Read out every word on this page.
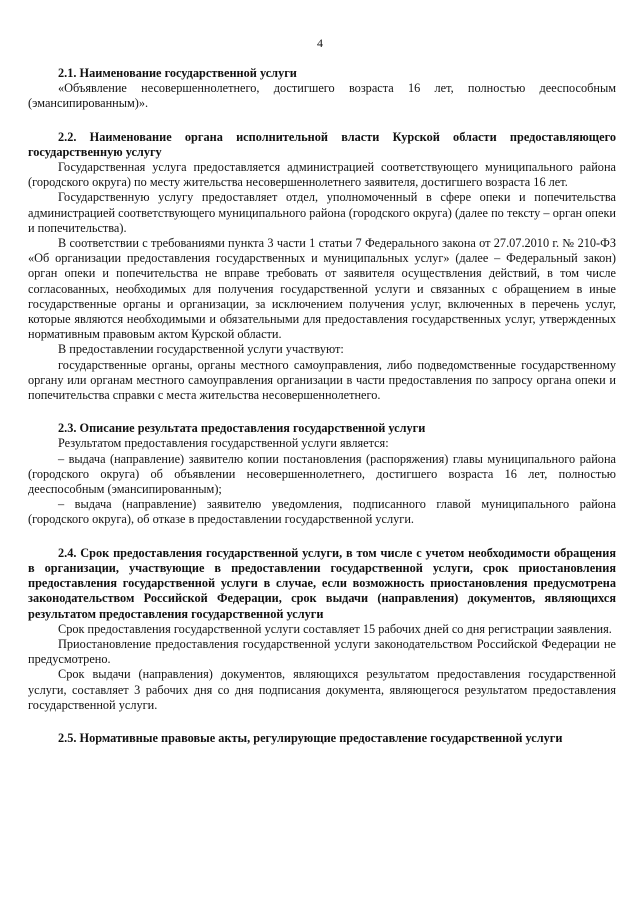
4

2.1. Наименование государственной услуги

«Объявление несовершеннолетнего, достигшего возраста 16 лет, полностью дееспособным (эмансипированным)».

2.2. Наименование органа исполнительной власти Курской области предоставляющего государственную услугу

Государственная услуга предоставляется администрацией соответствующего муниципального района (городского округа) по месту жительства несовершеннолетнего заявителя, достигшего возраста 16 лет.

Государственную услугу предоставляет отдел, уполномоченный в сфере опеки и попечительства администрацией соответствующего муниципального района (городского округа) (далее по тексту – орган опеки и попечительства).

В соответствии с требованиями пункта 3 части 1 статьи 7 Федерального закона от 27.07.2010 г. № 210-ФЗ «Об организации предоставления государственных и муниципальных услуг» (далее – Федеральный закон) орган опеки и попечительства не вправе требовать от заявителя осуществления действий, в том числе согласованных, необходимых для получения государственной услуги и связанных с обращением в иные государственные органы и организации, за исключением получения услуг, включенных в перечень услуг, которые являются необходимыми и обязательными для предоставления государственных услуг, утвержденных нормативным правовым актом Курской области.

В предоставлении государственной услуги участвуют:

государственные органы, органы местного самоуправления, либо подведомственные государственному органу или органам местного самоуправления организации в части предоставления по запросу органа опеки и попечительства справки с места жительства несовершеннолетнего.

2.3. Описание результата предоставления государственной услуги

Результатом предоставления государственной услуги является:

– выдача (направление) заявителю копии постановления (распоряжения) главы муниципального района (городского округа) об объявлении несовершеннолетнего, достигшего возраста 16 лет, полностью дееспособным (эмансипированным);

– выдача (направление) заявителю уведомления, подписанного главой муниципального района (городского округа), об отказе в предоставлении государственной услуги.

2.4. Срок предоставления государственной услуги, в том числе с учетом необходимости обращения в организации, участвующие в предоставлении государственной услуги, срок приостановления предоставления государственной услуги в случае, если возможность приостановления предусмотрена законодательством Российской Федерации, срок выдачи (направления) документов, являющихся результатом предоставления государственной услуги

Срок предоставления государственной услуги составляет 15 рабочих дней со дня регистрации заявления.

Приостановление предоставления государственной услуги законодательством Российской Федерации не предусмотрено.

Срок выдачи (направления) документов, являющихся результатом предоставления государственной услуги, составляет 3 рабочих дня со дня подписания документа, являющегося результатом предоставления государственной услуги.

2.5. Нормативные правовые акты, регулирующие предоставление государственной услуги
